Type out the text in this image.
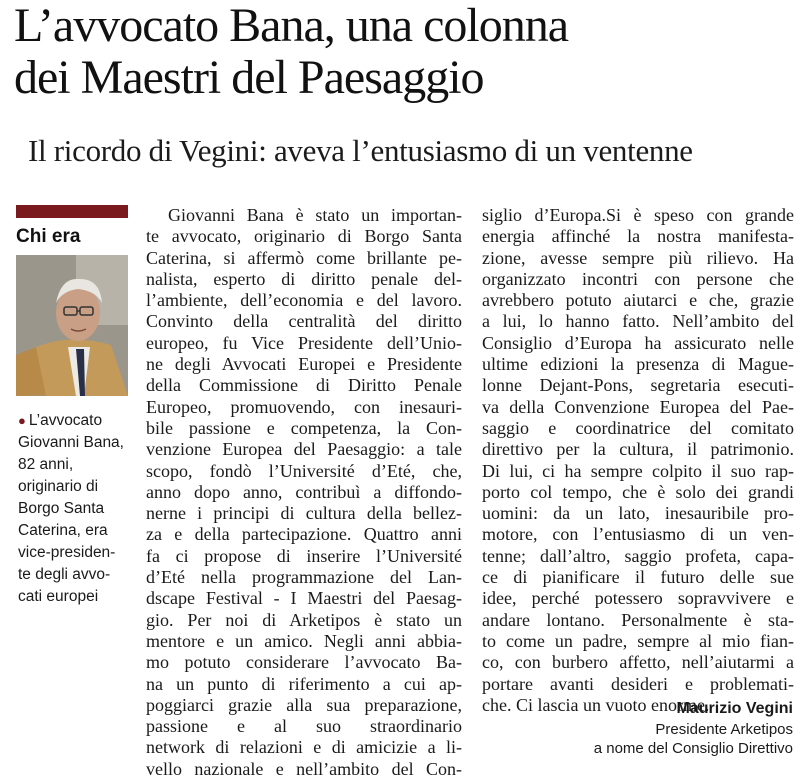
L’avvocato Bana, una colonna
dei Maestri del Paesaggio
Il ricordo di Vegini: aveva l’entusiasmo di un ventenne
Chi era
● L’avvocato
Giovanni Bana,
82 anni,
originario di
Borgo Santa
Caterina, era
vice-presiden-
te degli avvo-
cati europei
Giovanni Bana è stato un importan-
te avvocato, originario di Borgo Santa
Caterina, si affermò come brillante pe-
nalista, esperto di diritto penale del-
l’ambiente, dell’economia e del lavoro.
Convinto della centralità del diritto
europeo, fu Vice Presidente dell’Unio-
ne degli Avvocati Europei e Presidente
della Commissione di Diritto Penale
Europeo, promuovendo, con inesauri-
bile passione e competenza, la Con-
venzione Europea del Paesaggio: a tale
scopo, fondò l’Université d’Eté, che,
anno dopo anno, contribuì a diffondo-
nerne i principi di cultura della bellez-
za e della partecipazione. Quattro anni
fa ci propose di inserire l’Université
d’Eté nella programmazione del Lan-
dscape Festival - I Maestri del Paesag-
gio. Per noi di Arketipos è stato un
mentore e un amico. Negli anni abbia-
mo potuto considerare l’avvocato Ba-
na un punto di riferimento a cui ap-
poggiarci grazie alla sua preparazione,
passione e al suo straordinario
network di relazioni e di amicizie a li-
vello nazionale e nell’ambito del Con-
siglio d’Europa.Si è speso con grande
energia affinché la nostra manifesta-
zione, avesse sempre più rilievo. Ha
organizzato incontri con persone che
avrebbero potuto aiutarci e che, grazie
a lui, lo hanno fatto. Nell’ambito del
Consiglio d’Europa ha assicurato nelle
ultime edizioni la presenza di Mague-
lonne Dejant-Pons, segretaria esecuti-
va della Convenzione Europea del Pae-
saggio e coordinatrice del comitato
direttivo per la cultura, il patrimonio.
Di lui, ci ha sempre colpito il suo rap-
porto col tempo, che è solo dei grandi
uomini: da un lato, inesauribile pro-
motore, con l’entusiasmo di un ven-
tenne; dall’altro, saggio profeta, capa-
ce di pianificare il futuro delle sue
idee, perché potessero sopravvivere e
andare lontano. Personalmente è sta-
to come un padre, sempre al mio fian-
co, con burbero affetto, nell’aiutarmi a
portare avanti desideri e problemati-
che. Ci lascia un vuoto enorme.
Maurizio Vegini
Presidente Arketipos
a nome del Consiglio Direttivo
